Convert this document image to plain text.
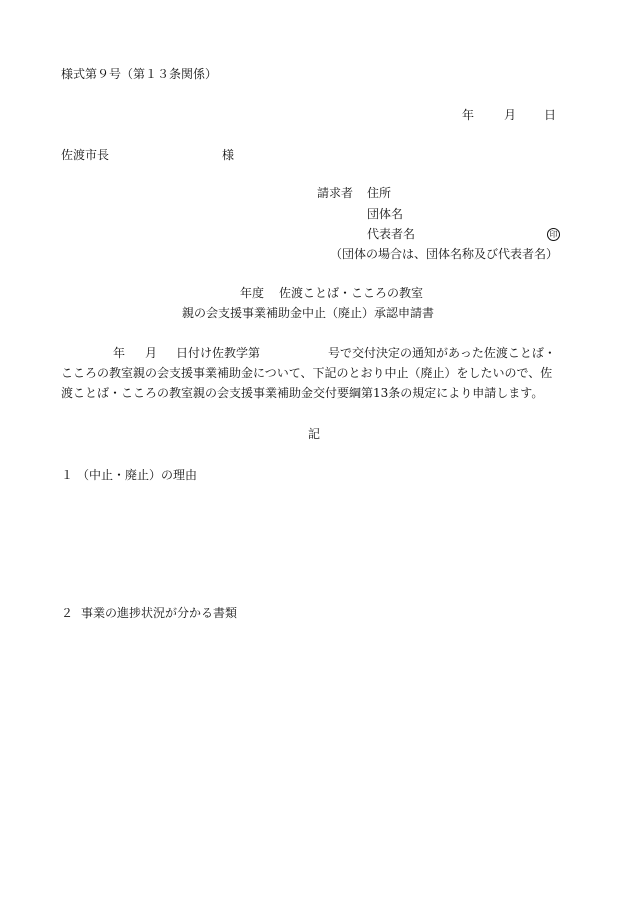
様式第９号（第１３条関係）
年 月 日
佐渡市長	様
請求者 住所
団体名
代表者名	印
（団体の場合は、団体名称及び代表者名）
年度 佐渡ことば・こころの教室
親の会支援事業補助金中止（廃止）承認申請書
年 月 日付け佐教学第	号で交付決定の通知があった佐渡ことば・
こころの教室親の会支援事業補助金について、下記のとおり中止（廃止）をしたいので、佐
渡ことば・こころの教室親の会支援事業補助金交付要綱第13条の規定により申請します。
記
１ （中止・廃止）の理由
２ 事業の進捗状況が分かる書類
